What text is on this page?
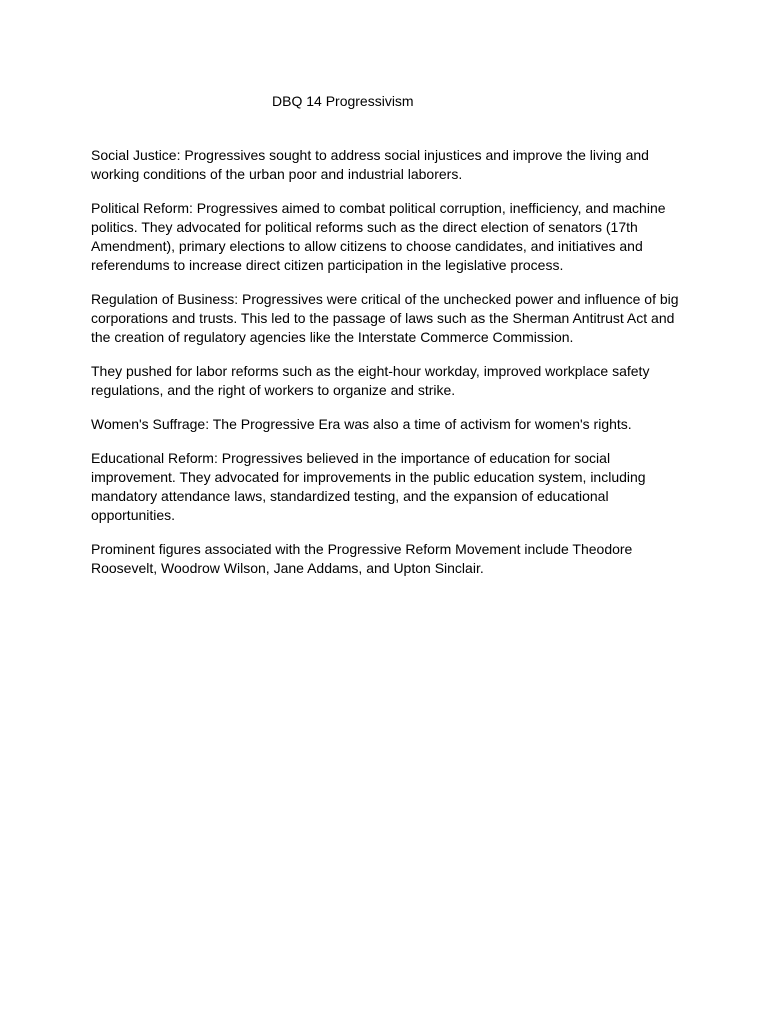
DBQ 14 Progressivism

Social Justice: Progressives sought to address social injustices and improve the living and working conditions of the urban poor and industrial laborers.

Political Reform: Progressives aimed to combat political corruption, inefficiency, and machine politics. They advocated for political reforms such as the direct election of senators (17th Amendment), primary elections to allow citizens to choose candidates, and initiatives and referendums to increase direct citizen participation in the legislative process.

Regulation of Business: Progressives were critical of the unchecked power and influence of big corporations and trusts. This led to the passage of laws such as the Sherman Antitrust Act and the creation of regulatory agencies like the Interstate Commerce Commission.

They pushed for labor reforms such as the eight-hour workday, improved workplace safety regulations, and the right of workers to organize and strike.

Women's Suffrage: The Progressive Era was also a time of activism for women's rights.

Educational Reform: Progressives believed in the importance of education for social improvement. They advocated for improvements in the public education system, including mandatory attendance laws, standardized testing, and the expansion of educational opportunities.

Prominent figures associated with the Progressive Reform Movement include Theodore Roosevelt, Woodrow Wilson, Jane Addams, and Upton Sinclair.
